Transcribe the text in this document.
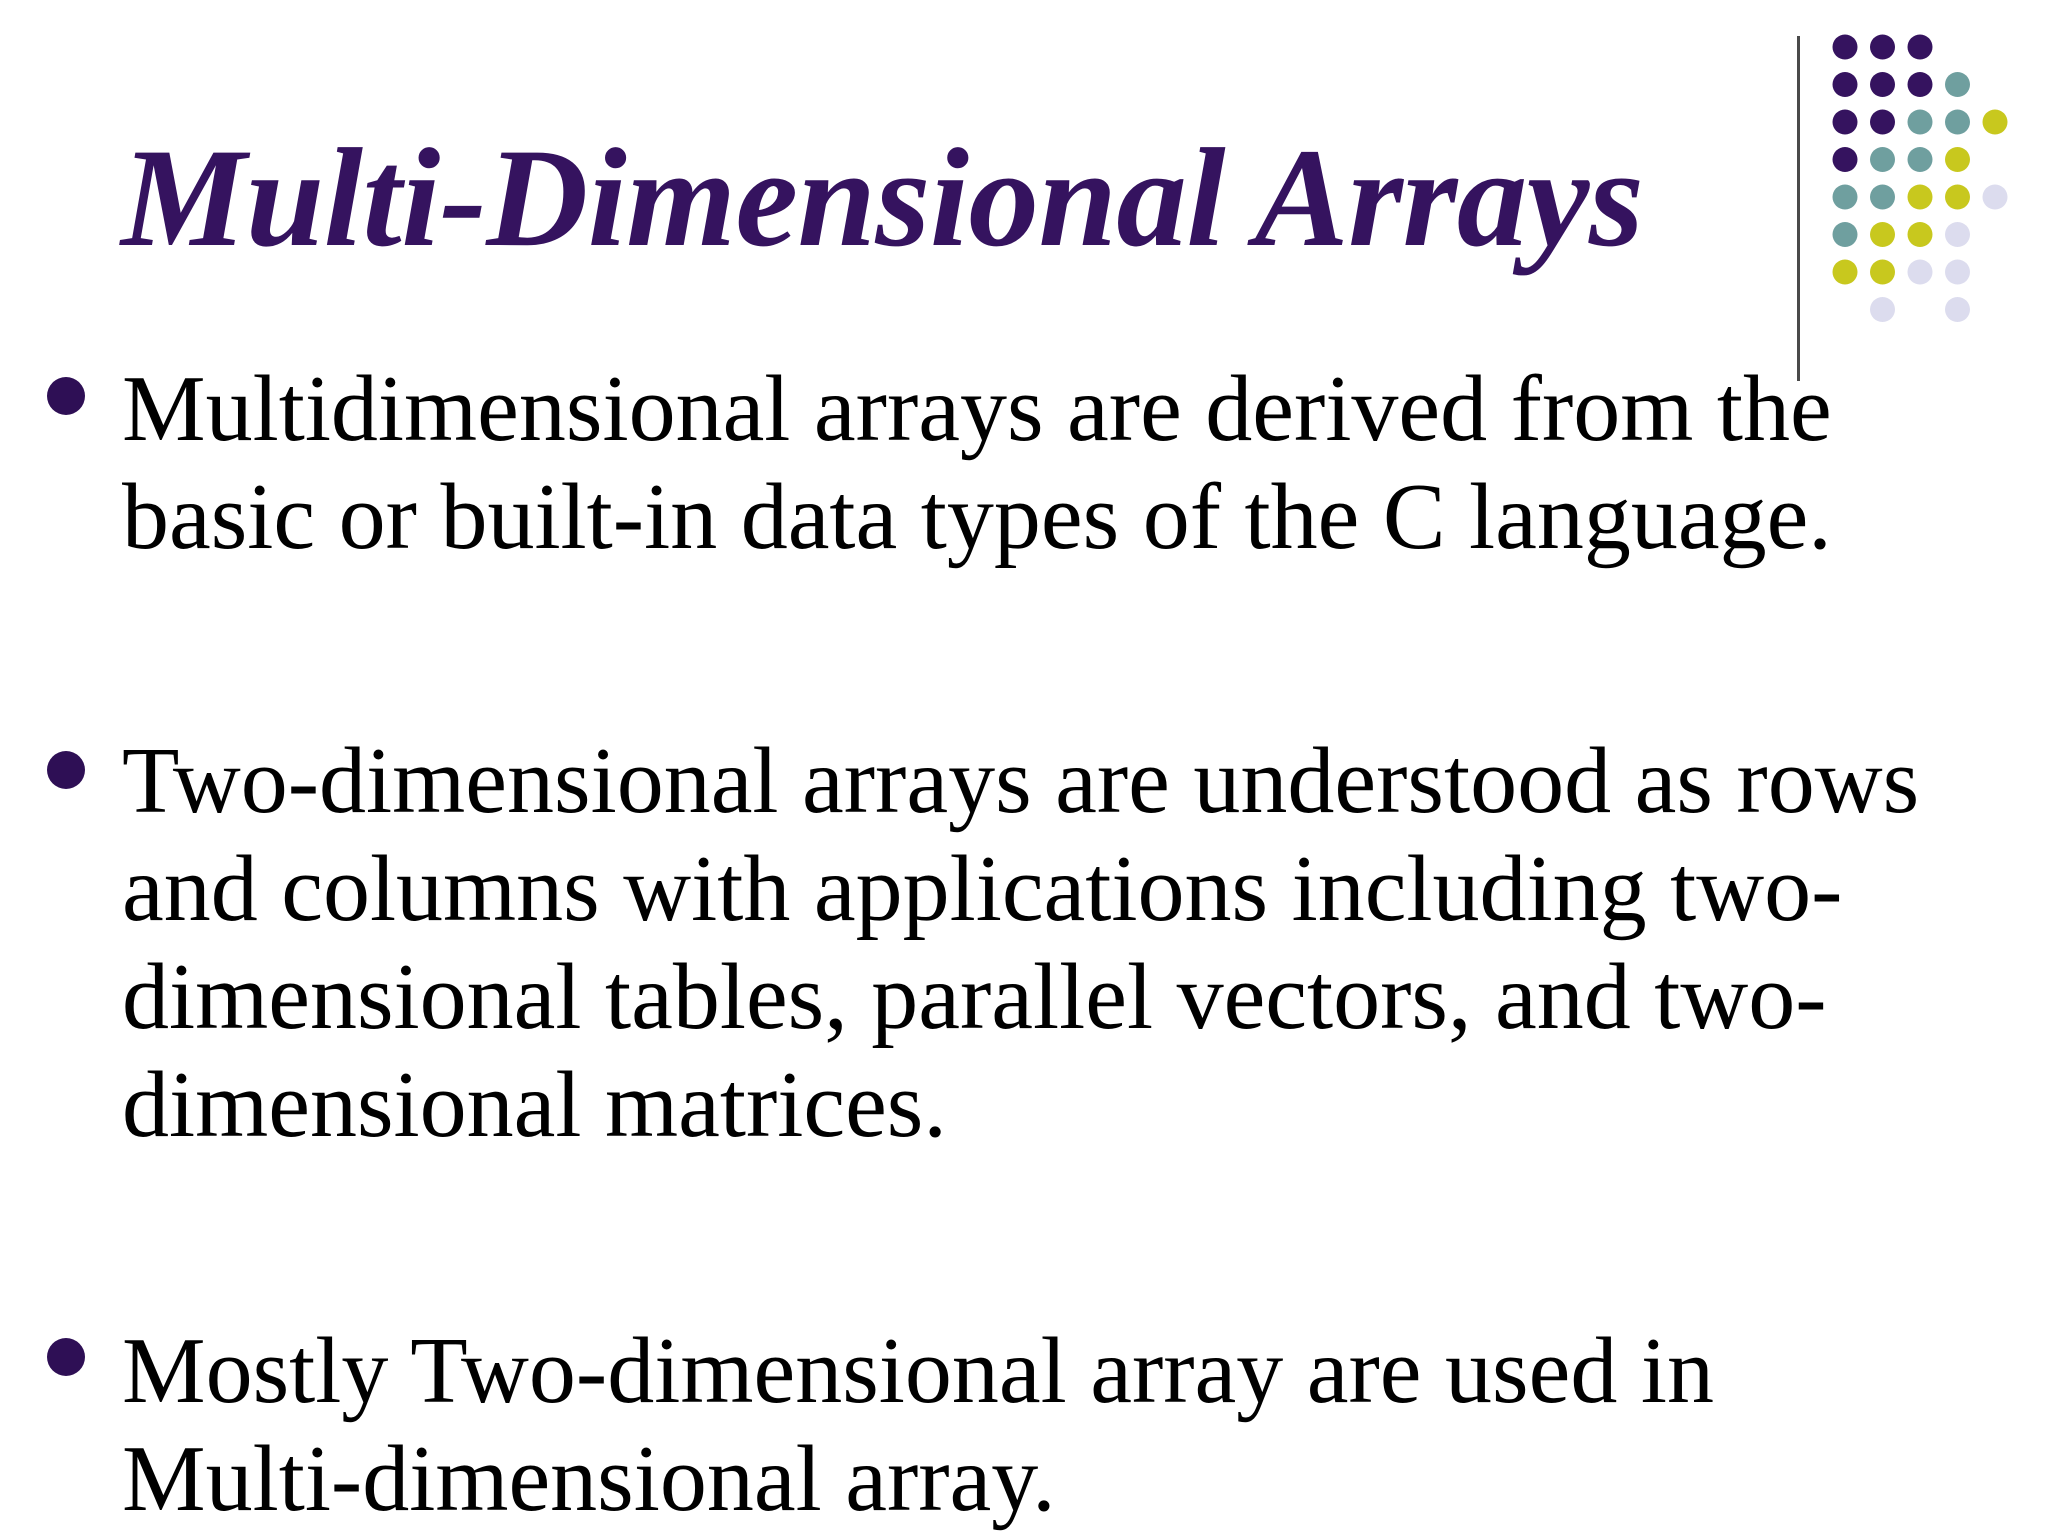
Multi-Dimensional Arrays

Multidimensional arrays are derived from the
basic or built-in data types of the C language.

Two-dimensional arrays are understood as rows
and columns with applications including two-
dimensional tables, parallel vectors, and two-
dimensional matrices.

Mostly Two-dimensional array are used in
Multi-dimensional array.
